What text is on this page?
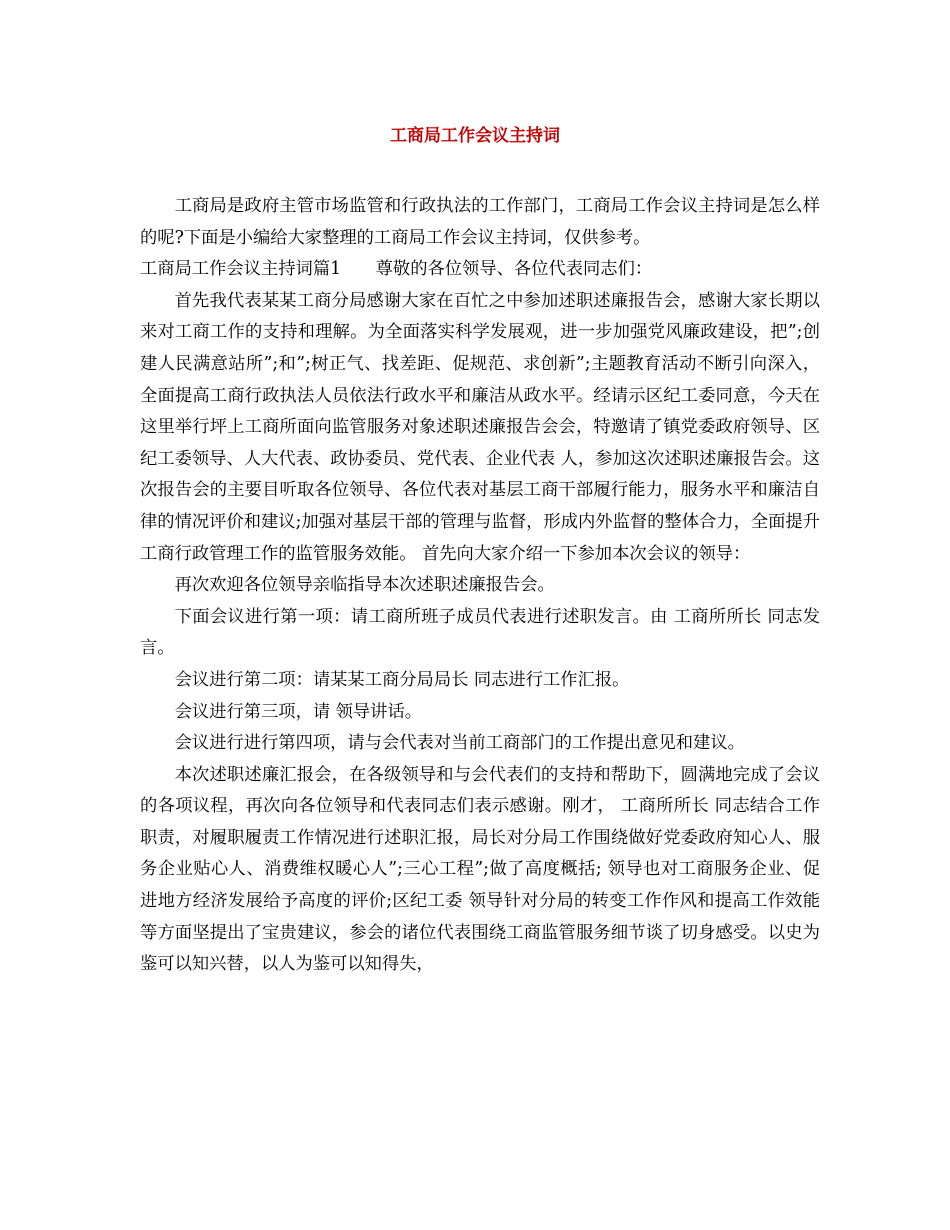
工商局工作会议主持词

工商局是政府主管市场监管和行政执法的工作部门，工商局工作会议主持词是怎么样的呢?下面是小编给大家整理的工商局工作会议主持词，仅供参考。

工商局工作会议主持词篇1　　尊敬的各位领导、各位代表同志们：

首先我代表某某工商分局感谢大家在百忙之中参加述职述廉报告会，感谢大家长期以来对工商工作的支持和理解。为全面落实科学发展观，进一步加强党风廉政建设，把”;创建人民满意站所”;和”;树正气、找差距、促规范、求创新”;主题教育活动不断引向深入，全面提高工商行政执法人员依法行政水平和廉洁从政水平。经请示区纪工委同意，今天在这里举行坪上工商所面向监管服务对象述职述廉报告会会，特邀请了镇党委政府领导、区纪工委领导、人大代表、政协委员、党代表、企业代表 人，参加这次述职述廉报告会。这次报告会的主要目听取各位领导、各位代表对基层工商干部履行能力，服务水平和廉洁自律的情况评价和建议;加强对基层干部的管理与监督，形成内外监督的整体合力，全面提升工商行政管理工作的监管服务效能。 首先向大家介绍一下参加本次会议的领导：

再次欢迎各位领导亲临指导本次述职述廉报告会。

下面会议进行第一项：请工商所班子成员代表进行述职发言。由 工商所所长 同志发言。

会议进行第二项：请某某工商分局局长 同志进行工作汇报。

会议进行第三项，请 领导讲话。

会议进行进行第四项，请与会代表对当前工商部门的工作提出意见和建议。

本次述职述廉汇报会，在各级领导和与会代表们的支持和帮助下，圆满地完成了会议的各项议程，再次向各位领导和代表同志们表示感谢。刚才， 工商所所长 同志结合工作职责，对履职履责工作情况进行述职汇报，局长对分局工作围绕做好党委政府知心人、服务企业贴心人、消费维权暖心人”;三心工程”;做了高度概括; 领导也对工商服务企业、促进地方经济发展给予高度的评价;区纪工委 领导针对分局的转变工作作风和提高工作效能等方面坚提出了宝贵建议，参会的诸位代表围绕工商监管服务细节谈了切身感受。以史为鉴可以知兴替，以人为鉴可以知得失，
